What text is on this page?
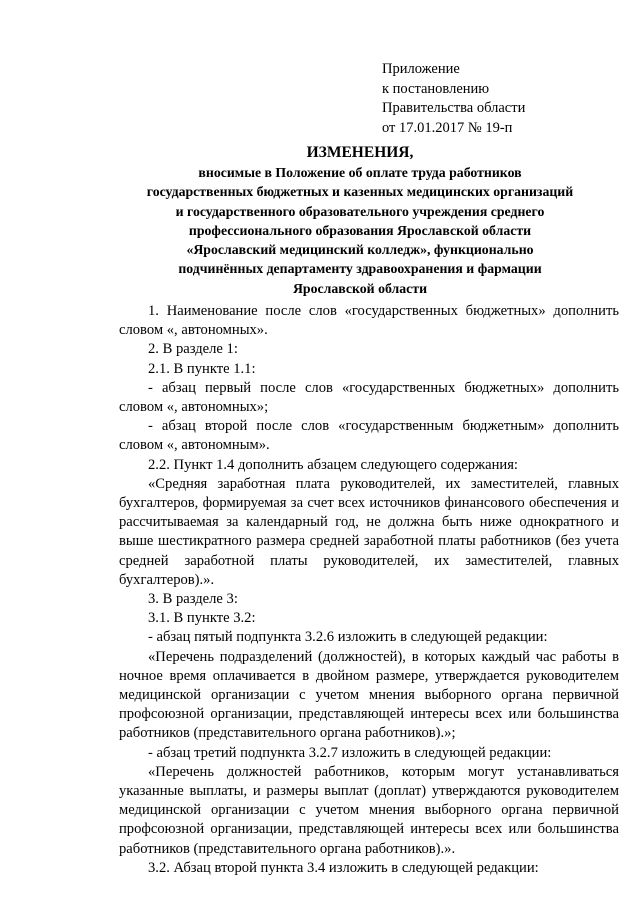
Приложение
к постановлению
Правительства области
от 17.01.2017 № 19-п
ИЗМЕНЕНИЯ,
вносимые в Положение об оплате труда работников
государственных бюджетных и казенных медицинских организаций
и государственного образовательного учреждения среднего
профессионального образования Ярославской области
«Ярославский медицинский колледж», функционально
подчинённых департаменту здравоохранения и фармации
Ярославской области

1. Наименование после слов «государственных бюджетных» дополнить словом «, автономных».

2. В разделе 1:

2.1. В пункте 1.1:

- абзац первый после слов «государственных бюджетных» дополнить словом «, автономных»;

- абзац второй после слов «государственным бюджетным» дополнить словом «, автономным».

2.2. Пункт 1.4 дополнить абзацем следующего содержания:

«Средняя заработная плата руководителей, их заместителей, главных бухгалтеров, формируемая за счет всех источников финансового обеспечения и рассчитываемая за календарный год, не должна быть ниже однократного и выше шестикратного размера средней заработной платы работников (без учета средней заработной платы руководителей, их заместителей, главных бухгалтеров).».

3. В разделе 3:

3.1. В пункте 3.2:

- абзац пятый подпункта 3.2.6 изложить в следующей редакции:

«Перечень подразделений (должностей), в которых каждый час работы в ночное время оплачивается в двойном размере, утверждается руководителем медицинской организации с учетом мнения выборного органа первичной профсоюзной организации, представляющей интересы всех или большинства работников (представительного органа работников).»;

- абзац третий подпункта 3.2.7 изложить в следующей редакции:

«Перечень должностей работников, которым могут устанавливаться указанные выплаты, и размеры выплат (доплат) утверждаются руководителем медицинской организации с учетом мнения выборного органа первичной профсоюзной организации, представляющей интересы всех или большинства работников (представительного органа работников).».

3.2. Абзац второй пункта 3.4 изложить в следующей редакции:
